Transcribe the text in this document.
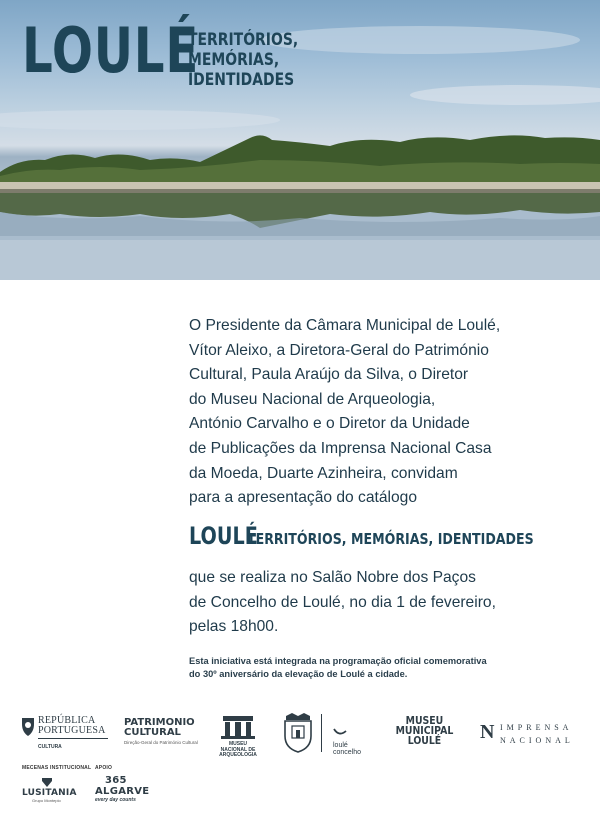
LOULÉ
TERRITÓRIOS,
MEMÓRIAS,
IDENTIDADES
O Presidente da Câmara Municipal de Loulé,
Vítor Aleixo, a Diretora-Geral do Património
Cultural, Paula Araújo da Silva, o Diretor
do Museu Nacional de Arqueologia,
António Carvalho e o Diretor da Unidade
de Publicações da Imprensa Nacional Casa
da Moeda, Duarte Azinheira, convidam
para a apresentação do catálogo
LOULÉ
TERRITÓRIOS, MEMÓRIAS, IDENTIDADES
que se realiza no Salão Nobre dos Paços
de Concelho de Loulé, no dia 1 de fevereiro,
pelas 18h00.
Esta iniciativa está integrada na programação oficial comemorativa
do 30º aniversário da elevação de Loulé a cidade.
REPÚBLICA
PORTUGUESA
CULTURA
PATRIMONIO
CULTURAL
Direção-Geral do Património Cultural	MUSEU
NACIONAL DE
ARQUEOLOGIA
loulé
concelho
MUSEU
MUNICIPAL
LOULÉ	N IMPRENSA
NACIONAL
MECENAS INSTITUCIONAL
LUSITANIA
Grupo Montepio
APOIO
365
ALGARVE
every day counts
